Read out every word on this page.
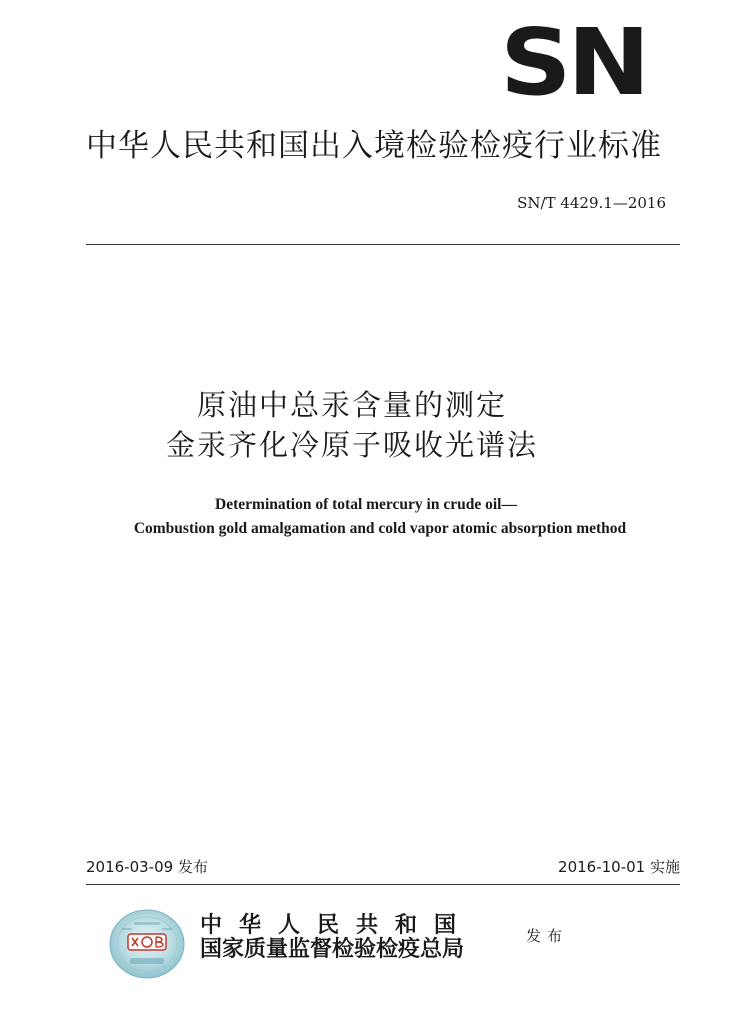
SN
中华人民共和国出入境检验检疫行业标准
SN/T 4429.1—2016
原油中总汞含量的测定
金汞齐化冷原子吸收光谱法
Determination of total mercury in crude oil—
Combustion gold amalgamation and cold vapor atomic absorption method
2016-03-09 发布	2016-10-01 实施
中华人民共和国
国家质量监督检验检疫总局	发布
